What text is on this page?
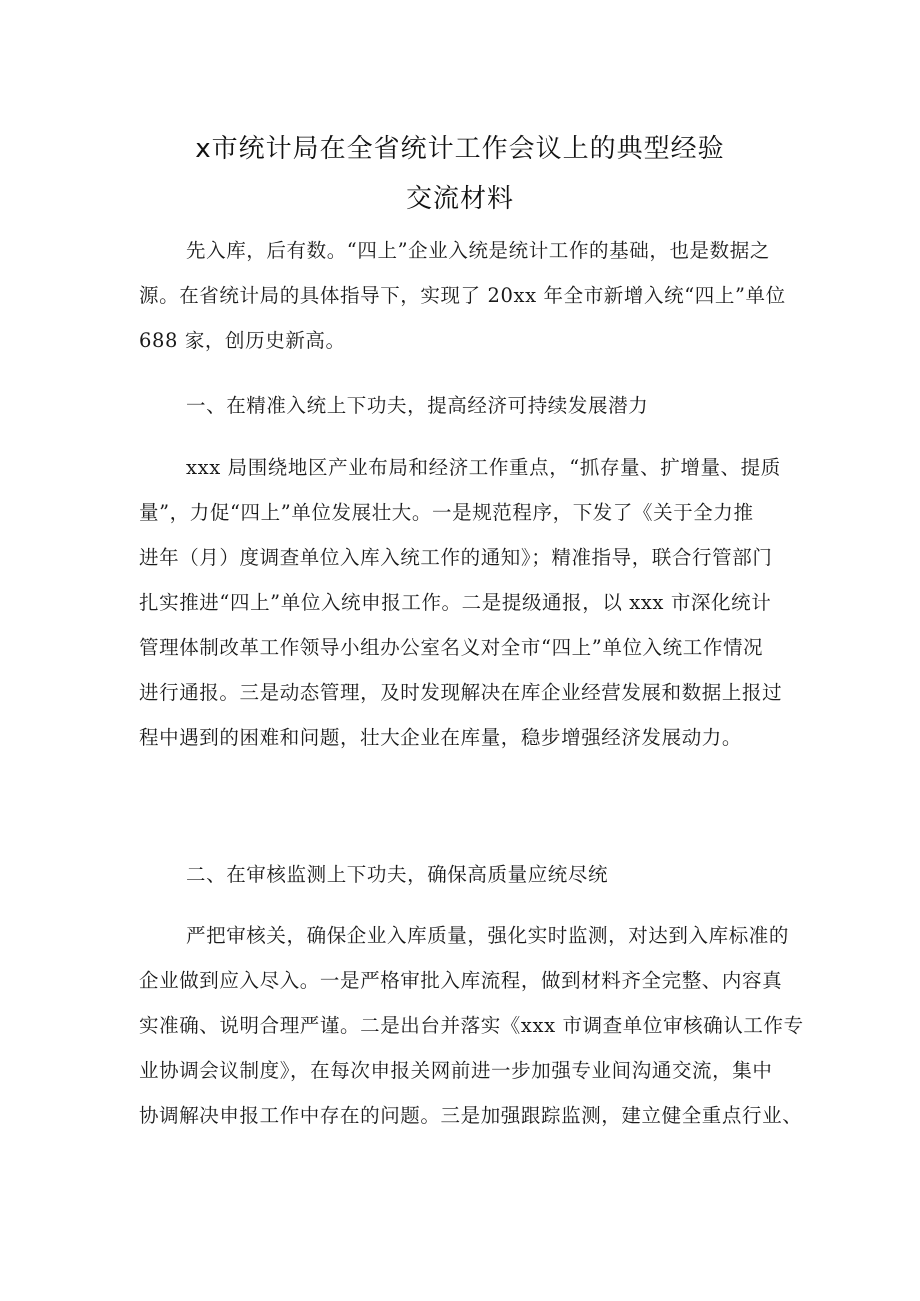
x市统计局在全省统计工作会议上的典型经验
交流材料
先入库，后有数。“四上”企业入统是统计工作的基础，也是数据之
源。在省统计局的具体指导下，实现了 20xx 年全市新增入统“四上”单位
688 家，创历史新高。
一、在精准入统上下功夫，提高经济可持续发展潜力
xxx 局围绕地区产业布局和经济工作重点，“抓存量、扩增量、提质
量”，力促“四上”单位发展壮大。一是规范程序，下发了《关于全力推
进年（月）度调查单位入库入统工作的通知》；精准指导，联合行管部门
扎实推进“四上”单位入统申报工作。二是提级通报，以 xxx 市深化统计
管理体制改革工作领导小组办公室名义对全市“四上”单位入统工作情况
进行通报。三是动态管理，及时发现解决在库企业经营发展和数据上报过
程中遇到的困难和问题，壮大企业在库量，稳步增强经济发展动力。
二、在审核监测上下功夫，确保高质量应统尽统
严把审核关，确保企业入库质量，强化实时监测，对达到入库标准的
企业做到应入尽入。一是严格审批入库流程，做到材料齐全完整、内容真
实准确、说明合理严谨。二是出台并落实《xxx 市调查单位审核确认工作专
业协调会议制度》，在每次申报关网前进一步加强专业间沟通交流，集中
协调解决申报工作中存在的问题。三是加强跟踪监测，建立健全重点行业、
